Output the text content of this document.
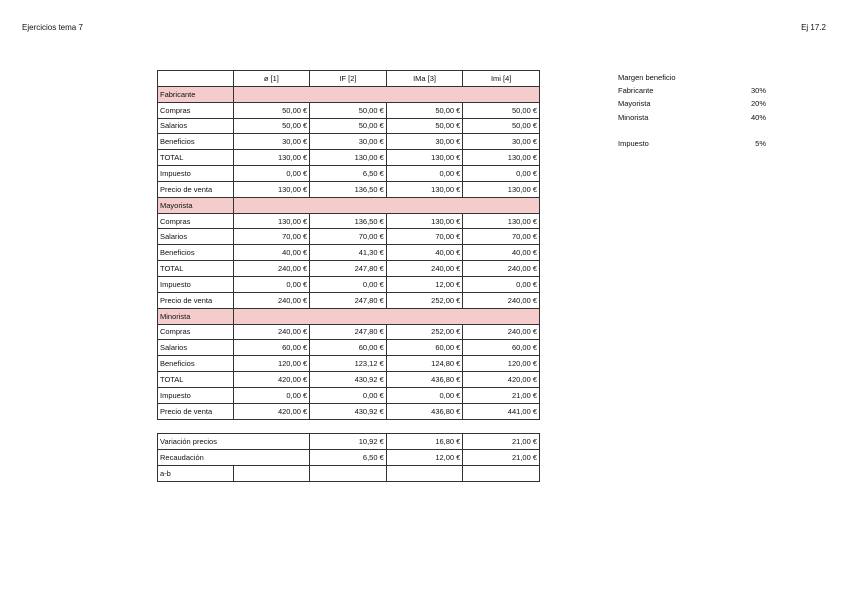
Ejercicios tema 7	Ej 17.2
	ø [1]	IF [2]	IMa [3]	Imi [4]
Fabricante				
Compras	50,00 €	50,00 €	50,00 €	50,00 €
Salarios	50,00 €	50,00 €	50,00 €	50,00 €
Beneficios	30,00 €	30,00 €	30,00 €	30,00 €
TOTAL	130,00 €	130,00 €	130,00 €	130,00 €
Impuesto	0,00 €	6,50 €	0,00 €	0,00 €
Precio de venta	130,00 €	136,50 €	130,00 €	130,00 €
Mayorista				
Compras	130,00 €	136,50 €	130,00 €	130,00 €
Salarios	70,00 €	70,00 €	70,00 €	70,00 €
Beneficios	40,00 €	41,30 €	40,00 €	40,00 €
TOTAL	240,00 €	247,80 €	240,00 €	240,00 €
Impuesto	0,00 €	0,00 €	12,00 €	0,00 €
Precio de venta	240,00 €	247,80 €	252,00 €	240,00 €
Minorista				
Compras	240,00 €	247,80 €	252,00 €	240,00 €
Salarios	60,00 €	60,00 €	60,00 €	60,00 €
Beneficios	120,00 €	123,12 €	124,80 €	120,00 €
TOTAL	420,00 €	430,92 €	436,80 €	420,00 €
Impuesto	0,00 €	0,00 €	0,00 €	21,00 €
Precio de venta	420,00 €	430,92 €	436,80 €	441,00 €
Variación precios		10,92 €	16,80 €	21,00 €
Recaudación		6,50 €	12,00 €	21,00 €
a-b				
Margen beneficio	
Fabricante	30%
Mayorista	20%
Minorista	40%

Impuesto	5%
